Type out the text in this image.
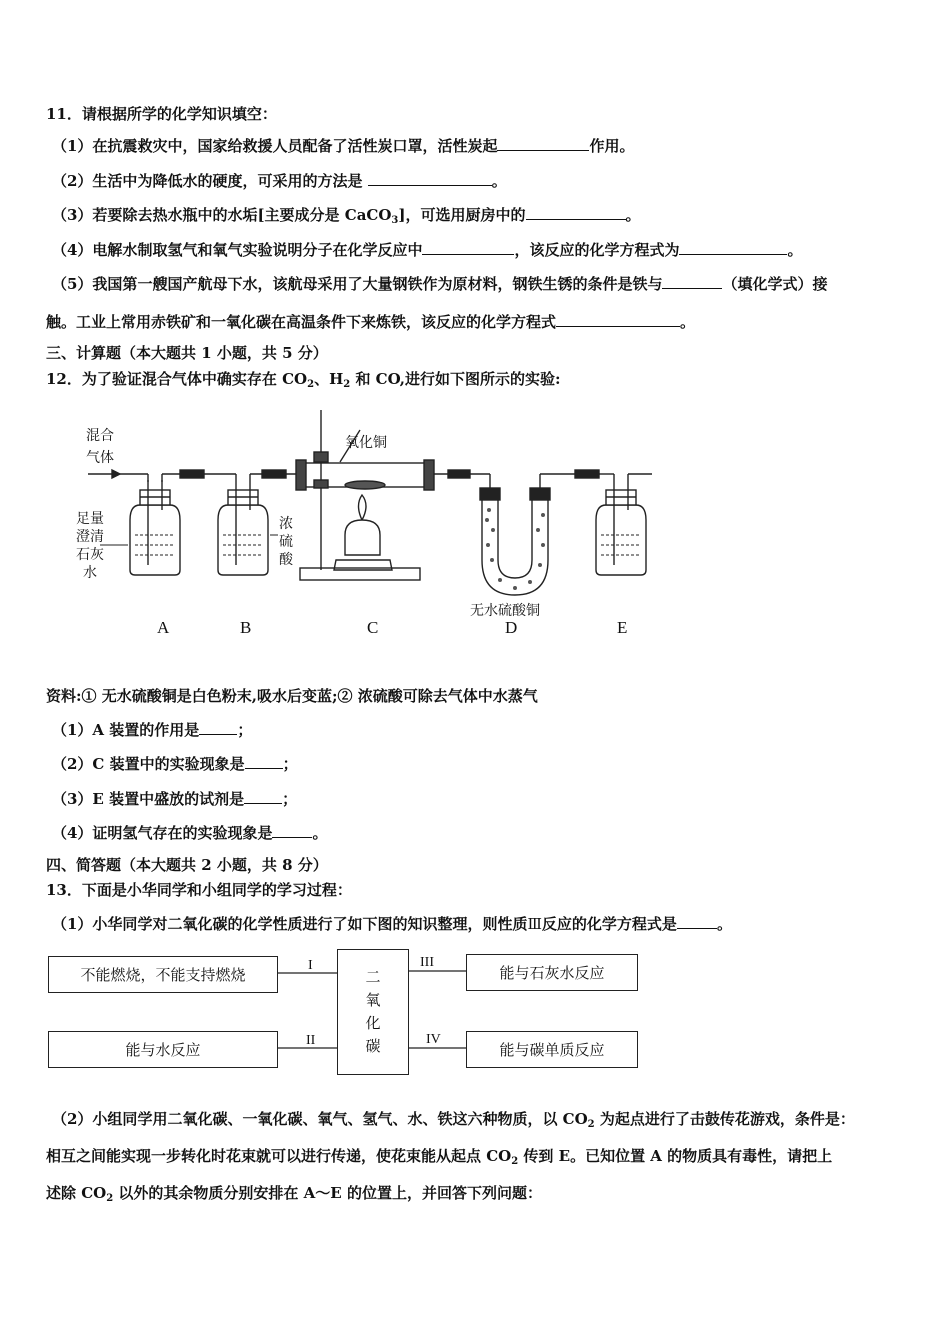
11．请根据所学的化学知识填空：
（1）在抗震救灾中，国家给救援人员配备了活性炭口罩，活性炭起	作用。
（2）生活中为降低水的硬度，可采用的方法是	。
（3）若要除去热水瓶中的水垢[主要成分是 CaCO$_3$]，可选用厨房中的	。
（4）电解水制取氢气和氧气实验说明分子在化学反应中	，该反应的化学方程式为	。
（5）我国第一艘国产航母下水，该航母采用了大量钢铁作为原材料，钢铁生锈的条件是铁与	（填化学式）接
触。工业上常用赤铁矿和一氧化碳在高温条件下来炼铁，该反应的化学方程式	。
三、计算题（本大题共 1 小题，共 5 分）
12．为了验证混合气体中确实存在 $CO_2$、$H_2$ 和 CO,进行如下图所示的实验:
混合
气体
足量
澄清
石灰
水
浓
硫
酸
氧化铜
无水硫酸铜
A	B	C	D	E
资料:① 无水硫酸铜是白色粉末,吸水后变蓝;② 浓硫酸可除去气体中水蒸气
（1）A 装置的作用是	；
（2）C 装置中的实验现象是	；
（3）E 装置中盛放的试剂是	；
（4）证明氢气存在的实验现象是	。
四、简答题（本大题共 2 小题，共 8 分）
13．下面是小华同学和小组同学的学习过程：
（1）小华同学对二氧化碳的化学性质进行了如下图的知识整理，则性质Ⅲ反应的化学方程式是	。
不能燃烧，不能支持燃烧
能与水反应
能与石灰水反应
能与碳单质反应
二
氧
化
碳
I
II
III
IV
（2）小组同学用二氧化碳、一氧化碳、氧气、氢气、水、铁这六种物质，以 $CO_2$ 为起点进行了击鼓传花游戏，条件是：
相互之间能实现一步转化时花束就可以进行传递，使花束能从起点 $CO_2$ 传到 E。已知位置 A 的物质具有毒性，请把上
述除 $CO_2$ 以外的其余物质分别安排在 A～E 的位置上，并回答下列问题：
